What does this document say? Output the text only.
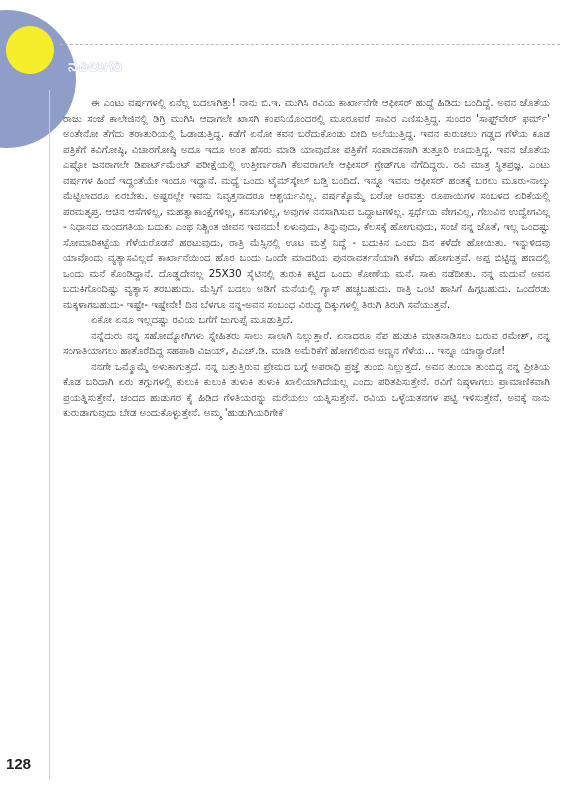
ನವಿಲುಗರಿ

ಈ ಎಂಟು ವರ್ಷಗಳಲ್ಲಿ ಏನೆಲ್ಲ ಬದಲಾಗಿತ್ತು! ನಾನು ಬಿ.ಇ. ಮುಗಿಸಿ ರವಿಯ ಕಾರ್ಖಾನೆಗೇ ಆಫೀಸರ್ ಹುದ್ದೆ ಹಿಡಿದು ಬಂದಿದ್ದೆ. ಅವನ ಜೊತೆಯ ರಾಜು ಸಂಜೆ ಕಾಲೇಜಿನಲ್ಲಿ ಡಿಗ್ರಿ ಮುಗಿಸಿ ಆದಾಗಲೇ ಖಾಸಗಿ ಕಂಪನಿಯೊಂದರಲ್ಲಿ ಮೂರೂವರೆ ಸಾವಿರ ಎಣಿಸುತ್ತಿದ್ದ. ಸುಂದರ 'ಸಾಫ್ಟ್‌ವೇರ್ ಫರ್ಮ್' ಅಂತೇನೋ ತೆಗೆದು ತರಾತುರಿಯಲ್ಲಿ ಓಡಾಡುತ್ತಿದ್ದ. ಕಡೆಗೆ ಏನೋ ಕವನ ಬರೆದುಕೊಂಡು ಬೀದಿ ಅಲೆಯುತ್ತಿದ್ದ. ಇವನ ಕುರುಚಲು ಗಡ್ಡದ ಗೆಳೆಯ ಕೂಡ ಪತ್ರಿಕೆಗೆ ಕವಿಗೋಷ್ಠಿ, ವಿಚಾರಗೋಷ್ಠಿ ಅದೂ ಇದೂ ಅಂತ ಹೆಸರು ಮಾಡಿ ಯಾವುದೋ ಪತ್ರಿಕೆಗೆ ಸಂಪಾದಕನಾಗಿ ತುತ್ತೂರಿ ಊದುತ್ತಿದ್ದ. ಇವನ ಜೊತೆಯ ಎಷ್ಟೋ ಜನರಾಗಲೇ ಡಿಪಾರ್ಟ್‌ಮೆಂಟ್ ಪರೀಕ್ಷೆಯಲ್ಲಿ ಉತ್ತೀರ್ಣರಾಗಿ ಕೆಲವರಾಗಲೇ ಆಫೀಸರ್ ಗ್ರೇಡ್‌ಗೂ ನೆಗೆದಿದ್ದರು. ರವಿ ಮಾತ್ರ ಸ್ಥಿತಪ್ರಜ್ಞ. ಎಂಟು ವರ್ಷಗಳ ಹಿಂದೆ ಇದ್ದಂತೆಯೇ ಇಂದೂ ಇದ್ದಾನೆ. ಮಧ್ಯೆ ಒಂದು ಟೈಮ್‌ಸ್ಕೇಲ್ ಬಡ್ತಿ ಬಂದಿದೆ. ಇನ್ನೂ ಇವನು ಆಫೀಸರ್ ಹಂತಕ್ಕೆ ಬರಲು ಮೂರು-ನಾಲ್ಕು ಮೆಟ್ಟಿಲಾದರೂ ಏರಬೇಕು. ಅಷ್ಟರಲ್ಲೇ ಇವನು ನಿವೃತ್ತನಾದರೂ ಆಶ್ಚರ್ಯವಿಲ್ಲ. ವರ್ಷಕ್ಕೊಮ್ಮೆ ಬರೋ ಅರವತ್ತು ರೂಪಾಯಿಗಳ ಸಂಬಳದ ಏರಿಕೆಯಲ್ಲಿ ಪರಮತೃಪ್ತ. ಆಚಿನ ಆಸೆಗಳಿಲ್ಲ, ಮಹತ್ವಾಕಾಂಕ್ಷೆಗಳಿಲ್ಲ, ಕನಸುಗಳಿಲ್ಲ, ಅವುಗಳ ನನಸಾಗಿಸುವ ಒದ್ದಾಟಗಳಿಲ್ಲ. ಸ್ಪರ್ಧೆಯ ವೇಗವಿಲ್ಲ, ಗೆಲುವಿನ ಉದ್ವೇಗವಿಲ್ಲ - ನಿಧಾನದ ಮಂದಗತಿಯ ಬದುಕು ಎಂಥ ನಿಶ್ಚಿಂತ ಜೀವನ ಇವನದು! ಏಳುವುದು, ತಿನ್ನುವುದು, ಕೆಲಸಕ್ಕೆ ಹೋಗುವುದು, ಸಂಜೆ ನನ್ನ ಜೊತೆ, ಇಲ್ಲ ಒಂದಷ್ಟು ಸೋಮಾರಿಕಟ್ಟೆಯ ಗೆಳೆಯರೊಡನೆ ಹರಟುವುದು, ರಾತ್ರಿ ಮೆಸ್ಸಿನಲ್ಲಿ ಊಟ ಮತ್ತೆ ನಿದ್ದೆ - ಬದುಕಿನ ಒಂದು ದಿನ ಕಳೆದೇ ಹೋಯಿತು. ಇನ್ನುಳಿದವು ಯಾವೊಂದು ವ್ಯತ್ಯಾಸವಿಲ್ಲದೆ ಕಾರ್ಖಾನೆಯಿಂದ ಹೊರ ಬಂದು ಒಂದೇ ಮಾದರಿಯ ಪುನರಾವರ್ತನೆಯಾಗಿ ಕಳೆದು ಹೋಗುತ್ತವೆ. ಅಪ್ಪ ಬಿಟ್ಟಿದ್ದ ಹಣದಲ್ಲಿ ಒಂದು ಮನೆ ಕೊಂಡಿದ್ದಾನೆ. ದೊಡ್ಡದೇನಲ್ಲ 25X30 ಸೈಟಿನಲ್ಲಿ ತುರುಕಿ ಕಟ್ಟಿದ ಒಂದು ಕೋಣೆಯ ಮನೆ. ಸಾಕು ನಡೆದೀತು. ನನ್ನ ಮದುವೆ ಅವನ ಬದುಕಿಗೊಂದಿಷ್ಟು ವ್ಯತ್ಯಾಸ ತರಬಹುದು. ಮೆಸ್ಸಿಗೆ ಬದಲು ಅಡಿಗೆ ಮನೆಯಲ್ಲಿ ಗ್ಯಾಸ್ ಹಚ್ಚಬಹುದು. ರಾತ್ರಿ ಒಂಟಿ ಹಾಸಿಗೆ ಹಿಗ್ಗಬಹುದು. ಒಂದೆರಡು ಮಕ್ಕಳಾಗಬಹುದು- ಇಷ್ಟೇ- ಇಷ್ಟೇನೇ! ದಿನ ಬೆಳಗೂ ನನ್ನ-ಅವನ ಸಂಬಂಧ ವಿರುದ್ಧ ದಿಕ್ಕುಗಳಲ್ಲಿ ತಿರುಗಿ ತಿರುಗಿ ಸವೆಯುತ್ತವೆ.

ಏಕೋ ಏನೂ ಇಲ್ಲದಷ್ಟು ರವಿಯ ಬಗೆಗೆ ಜುಗುಪ್ಸೆ ಮೂಡುತ್ತಿದೆ.

ನನ್ನೆದುರು ನನ್ನ ಸಹೋದ್ಯೋಗಿಗಳು ಸ್ನೇಹಿತರು ಸಾಲು ಸಾಲಾಗಿ ನಿಲ್ಲುತ್ತಾರೆ. ಏನಾದರೂ ನೆಪ ಹುಡುಕಿ ಮಾತನಾಡಿಸಲು ಬರುವ ರಮೇಶ್, ನನ್ನ ಸಂಗಾತಿಯಾಗಲು ಹಾತೊರೆದಿದ್ದ ಸಹಪಾಠಿ ವಿಜಯ್, ಪಿಎಚ್.ಡಿ. ಮಾಡಿ ಅಮೆರಿಕೆಗೆ ಹೋಗಲಿರುವ ಅಣ್ಣನ ಗೆಳೆಯ... ಇನ್ನೂ ಯಾರ್‍ಯಾರೋ!

ನನಗೇ ಒಮ್ಮೊಮ್ಮೆ ಅಳುಕಾಗುತ್ತದೆ. ನನ್ನ ಬತ್ತುತ್ತಿರುವ ಪ್ರೇಮದ ಬಗ್ಗೆ ಅಪರಾಧಿ ಪ್ರಜ್ಞೆ ತುಂಬಿ ನಿಲ್ಲುತ್ತದೆ. ಅವನ ತುಂಬಾ ತುಂಬಿದ್ದ ನನ್ನ ಪ್ರೀತಿಯ ಕೊಡ ಬರಿದಾಗಿ ಏರು ತಗ್ಗುಗಳಲ್ಲಿ ಕುಲುಕಿ ಕುಲುಕಿ ತುಳುಕಿ ತುಳುಕಿ ಖಾಲಿಯಾಗಿದೆಯಲ್ಲ ಎಂದು ಪರಿತಪಿಸುತ್ತೇನೆ. ರವಿಗೆ ನಿಷ್ಠಳಾಗಲು ಪ್ರಾಮಾಣಿಕವಾಗಿ ಪ್ರಯತ್ನಿಸುತ್ತೇನೆ. ಚಂದದ ಹುಡುಗರ ಕೈ ಹಿಡಿದ ಗೆಳತಿಯರನ್ನು ಮರೆಯಲು ಯತ್ನಿಸುತ್ತೇನೆ. ರವಿಯ ಒಳ್ಳೆಯತನಗಳ ಪಟ್ಟಿ ಇಳಿಸುತ್ತೇನೆ. ಅವಕ್ಕೆ ನಾನು ಕುರುಡಾಗುವುದು ಬೇಡ ಅಂದುಕೊಳ್ಳುತ್ತೇನೆ. ಅಮ್ಮ 'ಹುಡುಗಿಯರಿಗೇಕೆ

128
